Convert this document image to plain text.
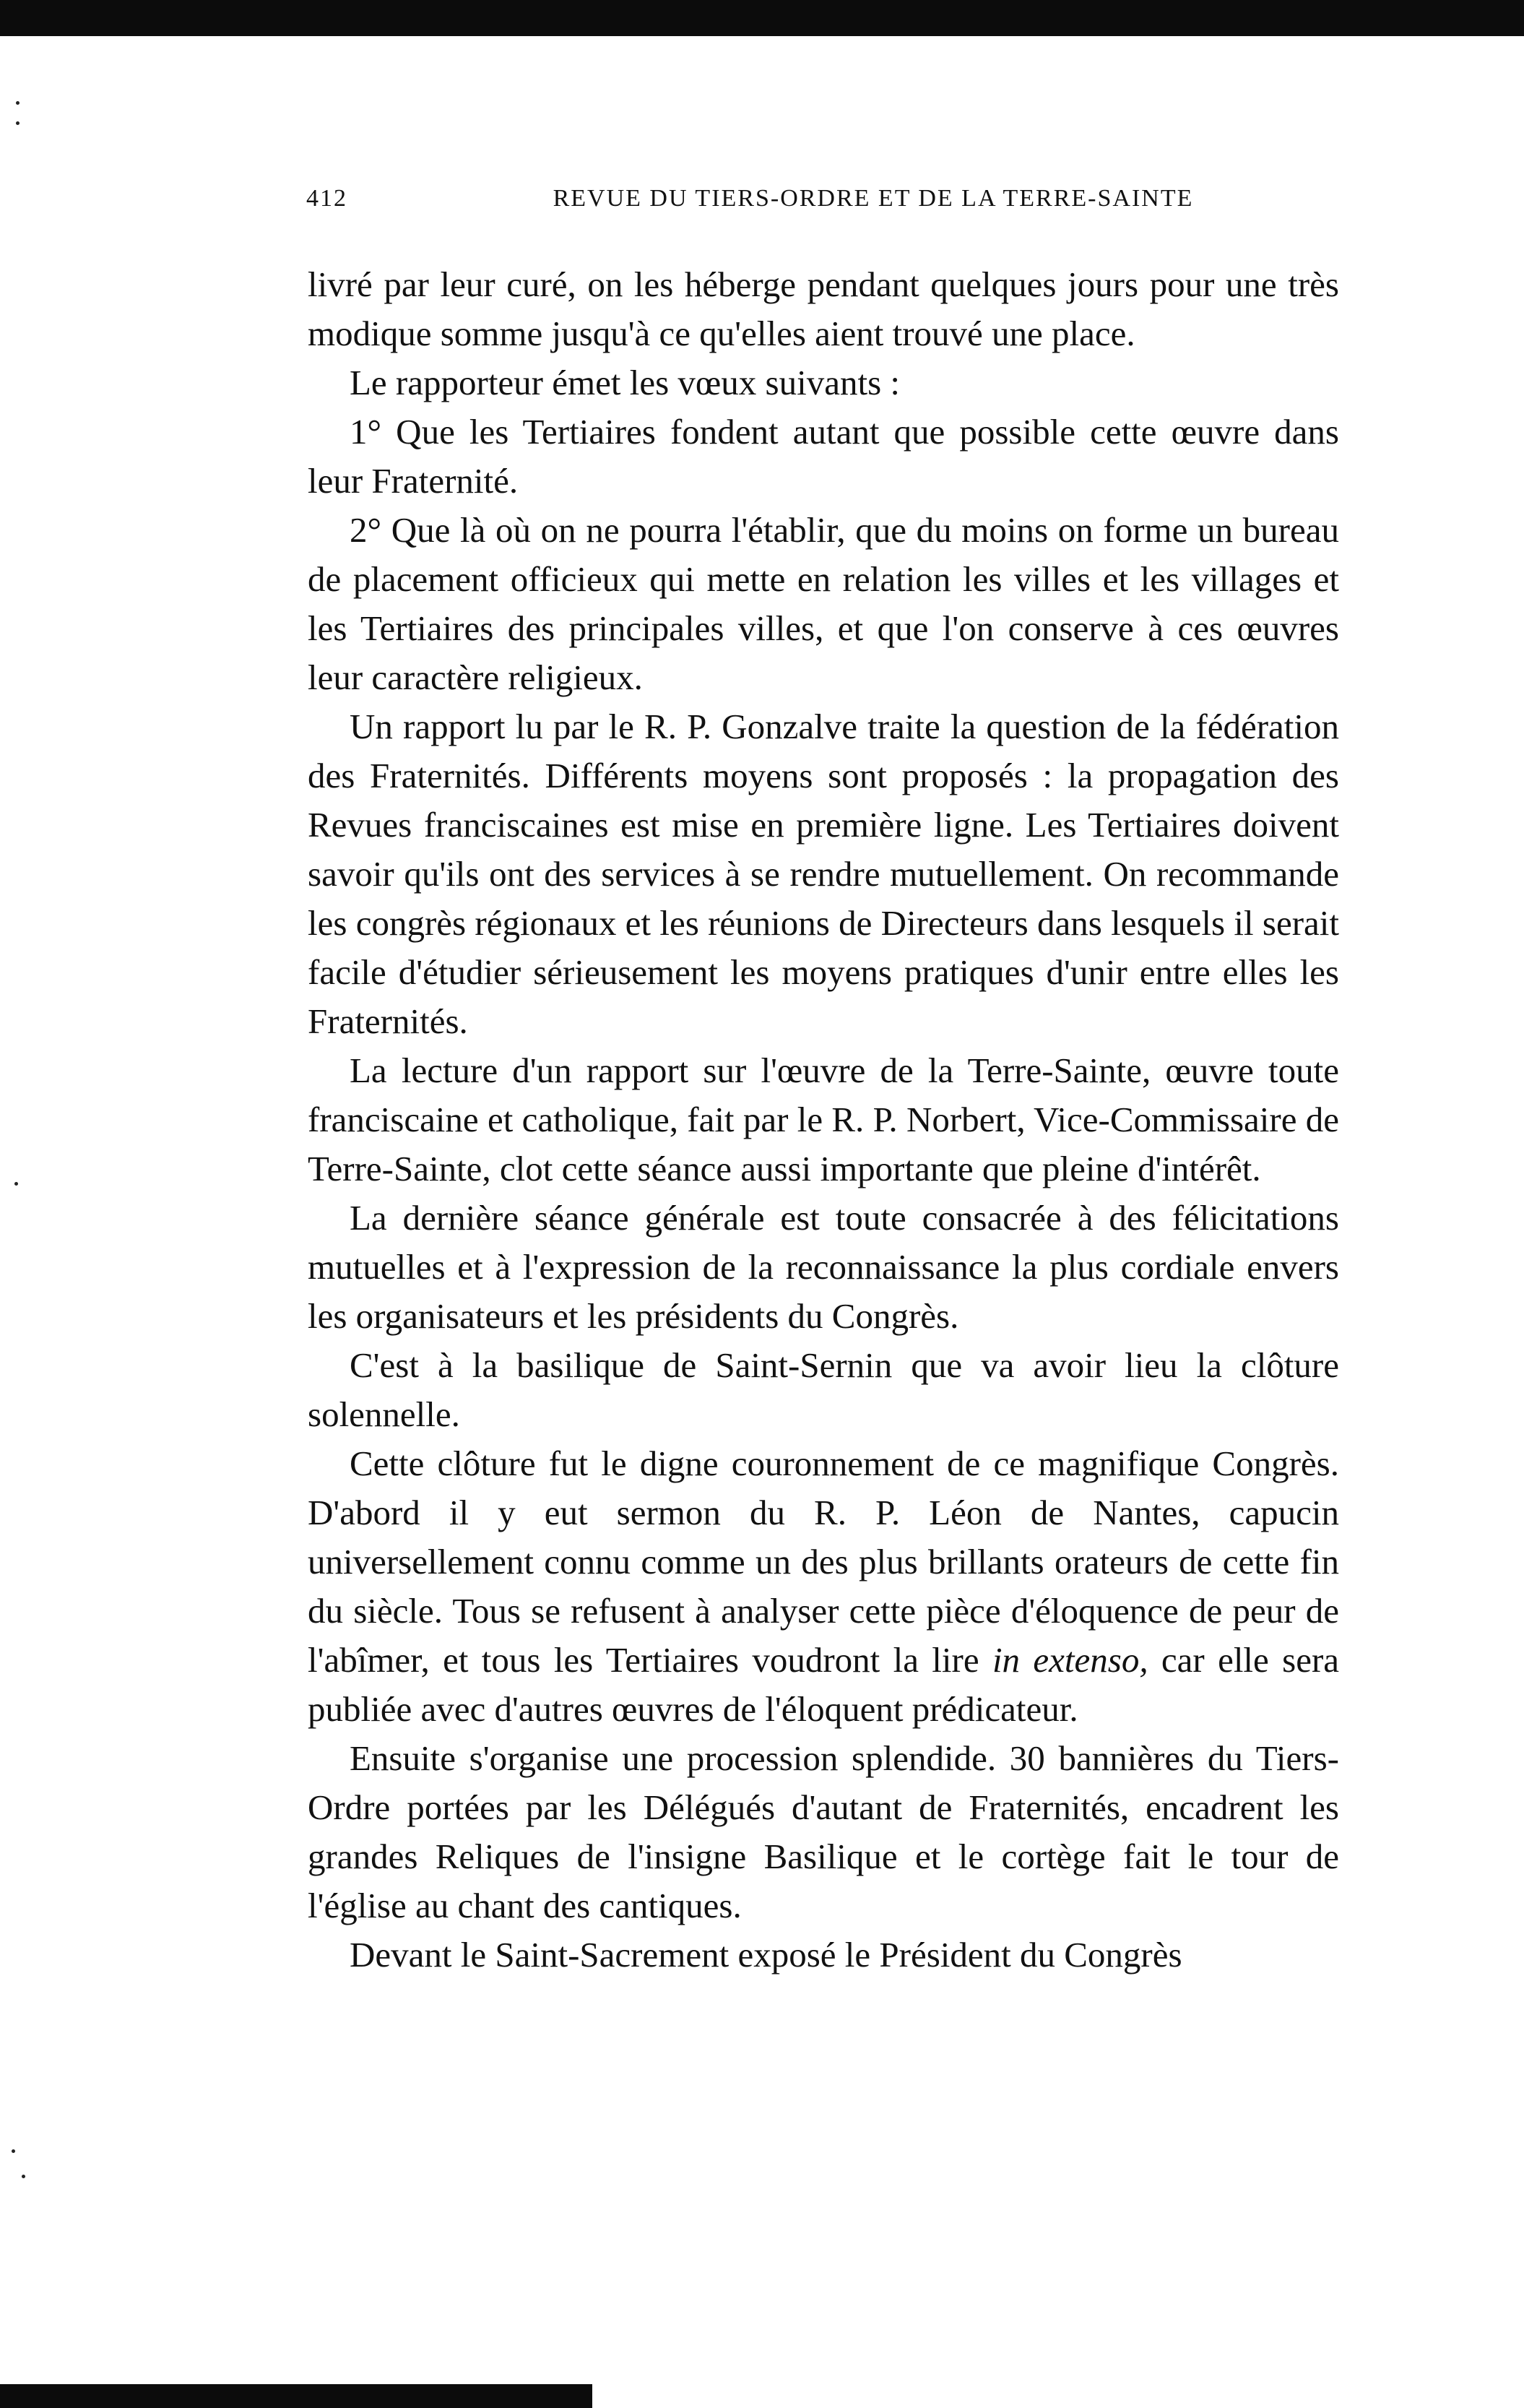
412	REVUE DU TIERS-ORDRE ET DE LA TERRE-SAINTE

livré par leur curé, on les héberge pendant quelques jours pour une très modique somme jusqu'à ce qu'elles aient trouvé une place.

Le rapporteur émet les vœux suivants :

1° Que les Tertiaires fondent autant que possible cette œuvre dans leur Fraternité.

2° Que là où on ne pourra l'établir, que du moins on forme un bureau de placement officieux qui mette en relation les villes et les villages et les Tertiaires des principales villes, et que l'on conserve à ces œuvres leur caractère religieux.

Un rapport lu par le R. P. Gonzalve traite la question de la fédération des Fraternités. Différents moyens sont proposés : la propagation des Revues franciscaines est mise en première ligne. Les Tertiaires doivent savoir qu'ils ont des services à se rendre mutuellement. On recommande les congrès régionaux et les réunions de Directeurs dans lesquels il serait facile d'étudier sérieusement les moyens pratiques d'unir entre elles les Fraternités.

La lecture d'un rapport sur l'œuvre de la Terre-Sainte, œuvre toute franciscaine et catholique, fait par le R. P. Norbert, Vice-Commissaire de Terre-Sainte, clot cette séance aussi importante que pleine d'intérêt.

La dernière séance générale est toute consacrée à des félicitations mutuelles et à l'expression de la reconnaissance la plus cordiale envers les organisateurs et les présidents du Congrès.

C'est à la basilique de Saint-Sernin que va avoir lieu la clôture solennelle.

Cette clôture fut le digne couronnement de ce magnifique Congrès. D'abord il y eut sermon du R. P. Léon de Nantes, capucin universellement connu comme un des plus brillants orateurs de cette fin du siècle. Tous se refusent à analyser cette pièce d'éloquence de peur de l'abîmer, et tous les Tertiaires voudront la lire in extenso, car elle sera publiée avec d'autres œuvres de l'éloquent prédicateur.

Ensuite s'organise une procession splendide. 30 bannières du Tiers-Ordre portées par les Délégués d'autant de Fraternités, encadrent les grandes Reliques de l'insigne Basilique et le cortège fait le tour de l'église au chant des cantiques.

Devant le Saint-Sacrement exposé le Président du Congrès
